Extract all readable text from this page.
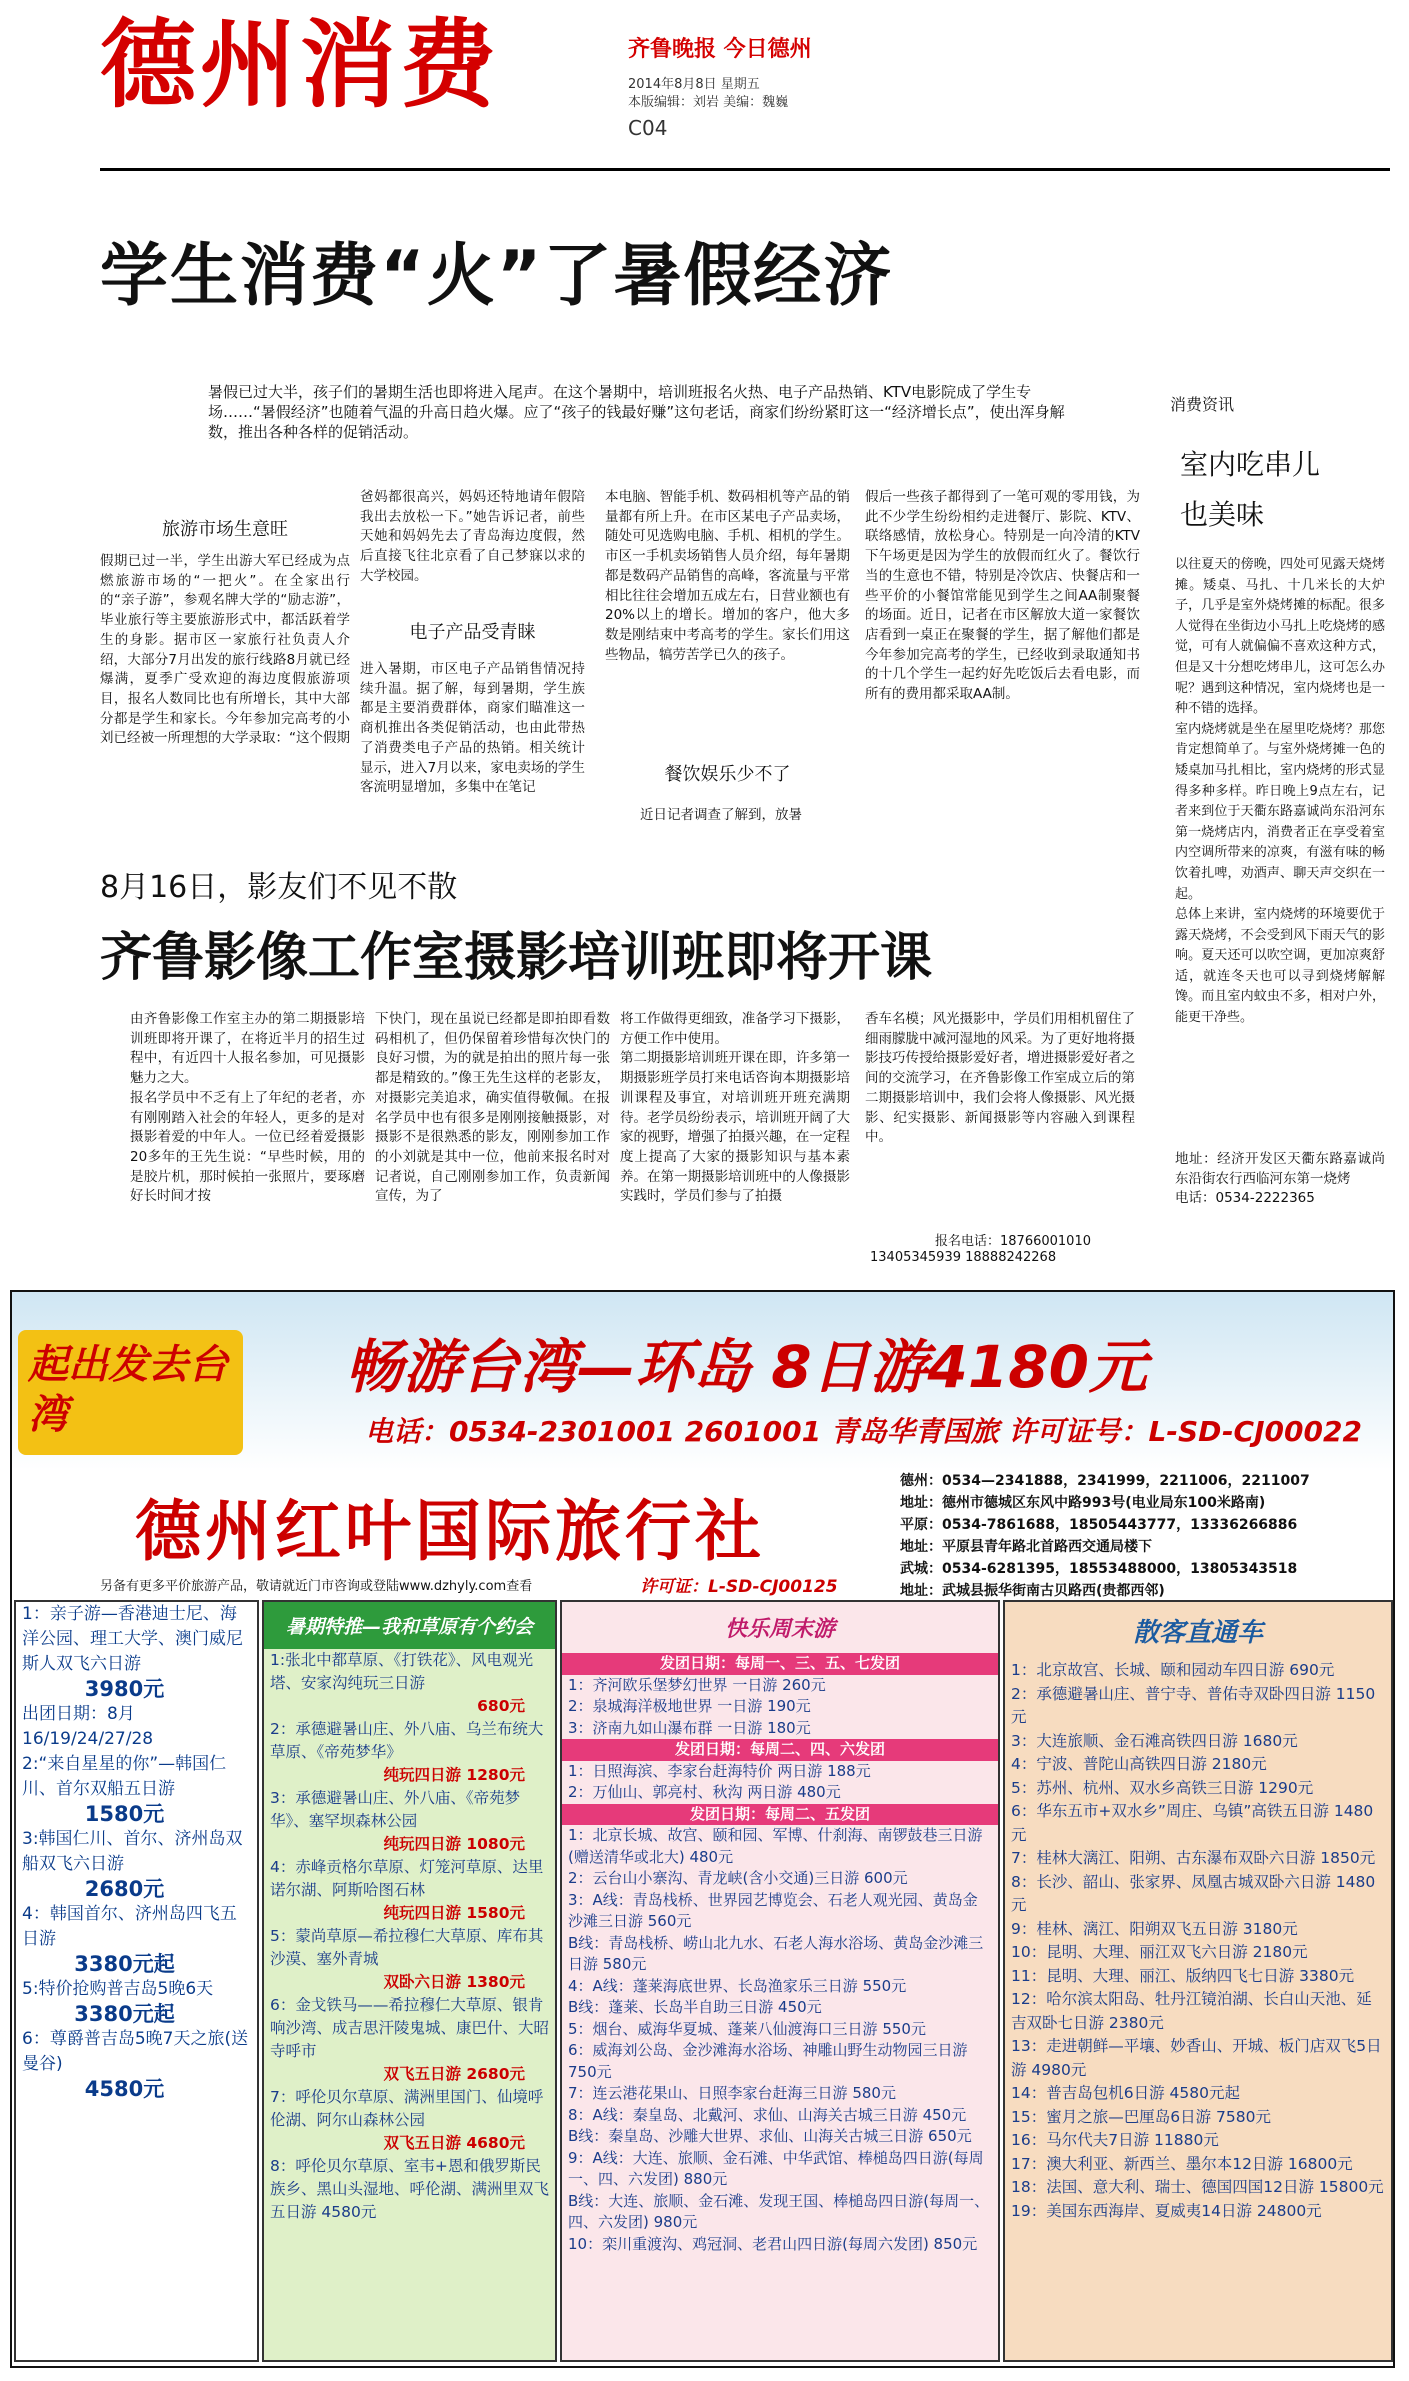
德州消费	齐鲁晚报 今日德州
2014年8月8日 星期五
本版编辑：刘岩 美编：魏巍
C04
学生消费“火”了暑假经济
暑假已过大半，孩子们的暑期生活也即将进入尾声。在这个暑期中，培训班报名火热、电子产品热销、KTV电影院成了学生专场……“暑假经济”也随着气温的升高日趋火爆。应了“孩子的钱最好赚”这句老话，商家们纷纷紧盯这一“经济增长点”，使出浑身解数，推出各种各样的促销活动。
旅游市场生意旺
假期已过一半，学生出游大军已经成为点燃旅游市场的“一把火”。在全家出行的“亲子游”，参观名牌大学的“励志游”，毕业旅行等主要旅游形式中，都活跃着学生的身影。据市区一家旅行社负责人介绍，大部分7月出发的旅行线路8月就已经爆满，夏季广受欢迎的海边度假旅游项目，报名人数同比也有所增长，其中大部分都是学生和家长。今年参加完高考的小刘已经被一所理想的大学录取：“这个假期
爸妈都很高兴，妈妈还特地请年假陪我出去放松一下。”她告诉记者，前些天她和妈妈先去了青岛海边度假，然后直接飞往北京看了自己梦寐以求的大学校园。
电子产品受青睐
进入暑期，市区电子产品销售情况持续升温。据了解，每到暑期，学生族都是主要消费群体，商家们瞄准这一商机推出各类促销活动，也由此带热了消费类电子产品的热销。相关统计显示，进入7月以来，家电卖场的学生客流明显增加，多集中在笔记
本电脑、智能手机、数码相机等产品的销量都有所上升。在市区某电子产品卖场，随处可见选购电脑、手机、相机的学生。市区一手机卖场销售人员介绍，每年暑期都是数码产品销售的高峰，客流量与平常相比往往会增加五成左右，日营业额也有20%以上的增长。增加的客户，他大多数是刚结束中考高考的学生。家长们用这些物品，犒劳苦学已久的孩子。
餐饮娱乐少不了
近日记者调查了解到，放暑
假后一些孩子都得到了一笔可观的零用钱，为此不少学生纷纷相约走进餐厅、影院、KTV、联络感情，放松身心。特别是一向冷清的KTV下午场更是因为学生的放假而红火了。餐饮行当的生意也不错，特别是冷饮店、快餐店和一些平价的小餐馆常能见到学生之间AA制聚餐的场面。近日，记者在市区解放大道一家餐饮店看到一桌正在聚餐的学生，据了解他们都是今年参加完高考的学生，已经收到录取通知书的十几个学生一起约好先吃饭后去看电影，而所有的费用都采取AA制。
消费资讯
室内吃串儿
也美味
以往夏天的傍晚，四处可见露天烧烤摊。矮桌、马扎、十几米长的大炉子，几乎是室外烧烤摊的标配。很多人觉得在坐街边小马扎上吃烧烤的感觉，可有人就偏偏不喜欢这种方式，但是又十分想吃烤串儿，这可怎么办呢？遇到这种情况，室内烧烤也是一种不错的选择。
室内烧烤就是坐在屋里吃烧烤？那您肯定想简单了。与室外烧烤摊一色的矮桌加马扎相比，室内烧烤的形式显得多种多样。昨日晚上9点左右，记者来到位于天衢东路嘉诚尚东沿河东第一烧烤店内，消费者正在享受着室内空调所带来的凉爽，有滋有味的畅饮着扎啤，劝酒声、聊天声交织在一起。
总体上来讲，室内烧烤的环境要优于露天烧烤，不会受到风下雨天气的影响。夏天还可以吹空调，更加凉爽舒适，就连冬天也可以寻到烧烤解解馋。而且室内蚊虫不多，相对户外，能更干净些。
地址：经济开发区天衢东路嘉诚尚东沿街农行西临河东第一烧烤
电话：0534-2222365
8月16日，影友们不见不散
齐鲁影像工作室摄影培训班即将开课
由齐鲁影像工作室主办的第二期摄影培训班即将开课了，在将近半月的招生过程中，有近四十人报名参加，可见摄影魅力之大。
报名学员中不乏有上了年纪的老者，亦有刚刚踏入社会的年轻人，更多的是对摄影着爱的中年人。一位已经着爱摄影20多年的王先生说：“早些时候，用的是胶片机，那时候拍一张照片，要琢磨好长时间才按
下快门，现在虽说已经都是即拍即看数码相机了，但仍保留着珍惜每次快门的良好习惯，为的就是拍出的照片每一张都是精致的。”像王先生这样的老影友，对摄影完美追求，确实值得敬佩。在报名学员中也有很多是刚刚接触摄影，对摄影不是很熟悉的影友，刚刚参加工作的小刘就是其中一位，他前来报名时对记者说，自己刚刚参加工作，负责新闻宣传，为了
将工作做得更细致，准备学习下摄影，方便工作中使用。
第二期摄影培训班开课在即，许多第一期摄影班学员打来电话咨询本期摄影培训课程及事宜，对培训班开班充满期待。老学员纷纷表示，培训班开阔了大家的视野，增强了拍摄兴趣，在一定程度上提高了大家的摄影知识与基本素养。在第一期摄影培训班中的人像摄影实践时，学员们参与了拍摄
香车名模；风光摄影中，学员们用相机留住了细雨朦胧中减河湿地的风采。为了更好地将摄影技巧传授给摄影爱好者，增进摄影爱好者之间的交流学习，在齐鲁影像工作室成立后的第二期摄影培训中，我们会将人像摄影、风光摄影、纪实摄影、新闻摄影等内容融入到课程中。
报名电话：18766001010
13405345939 18888242268
起出发去台湾
畅游台湾—环岛 8日游4180元
电话：0534-2301001 2601001 青岛华青国旅 许可证号：L-SD-CJ00022
德州红叶国际旅行社
德州：0534—2341888，2341999，2211006，2211007
地址：德州市德城区东风中路993号(电业局东100米路南)
平原：0534-7861688，18505443777，13336266886
地址：平原县青年路北首路西交通局楼下
武城：0534-6281395，18553488000，13805343518
地址：武城县振华街南古贝路西(贵都西邻)
另备有更多平价旅游产品，敬请就近门市咨询或登陆www.dzhyly.com查看	许可证：L-SD-CJ00125
1：亲子游—香港迪士尼、海洋公园、理工大学、澳门威尼斯人双飞六日游
3980元
出团日期：8月16/19/24/27/28
2:“来自星星的你”—韩国仁川、首尔双船五日游
1580元
3:韩国仁川、首尔、济州岛双船双飞六日游
2680元
4：韩国首尔、济州岛四飞五日游
3380元起
5:特价抢购普吉岛5晚6天
3380元起
6：尊爵普吉岛5晚7天之旅(送曼谷)
4580元
暑期特推—我和草原有个约会
1:张北中都草原、《打铁花》、风电观光塔、安家沟纯玩三日游
680元
2：承德避暑山庄、外八庙、乌兰布统大草原、《帝苑梦华》
纯玩四日游 1280元
3：承德避暑山庄、外八庙、《帝苑梦华》、塞罕坝森林公园
纯玩四日游 1080元
4：赤峰贡格尔草原、灯笼河草原、达里诺尔湖、阿斯哈图石林
纯玩四日游 1580元
5：蒙尚草原—希拉穆仁大草原、库布其沙漠、塞外青城
双卧六日游 1380元
6：金戈铁马——希拉穆仁大草原、银肯响沙湾、成吉思汗陵鬼城、康巴什、大昭寺呼市
双飞五日游 2680元
7：呼伦贝尔草原、满洲里国门、仙境呼伦湖、阿尔山森林公园
双飞五日游 4680元
8：呼伦贝尔草原、室韦+恩和俄罗斯民族乡、黑山头湿地、呼伦湖、满洲里双飞五日游 4580元
快乐周末游
发团日期：每周一、三、五、七发团
1：齐河欧乐堡梦幻世界 一日游 260元
2：泉城海洋极地世界 一日游 190元
3：济南九如山瀑布群 一日游 180元
发团日期：每周二、四、六发团
1：日照海滨、李家台赶海特价 两日游 188元
2：万仙山、郭亮村、秋沟 两日游 480元
发团日期：每周二、五发团
1：北京长城、故宫、颐和园、军博、什刹海、南锣鼓巷三日游(赠送清华或北大) 480元
2：云台山小寨沟、青龙峡(含小交通)三日游 600元
3：A线：青岛栈桥、世界园艺博览会、石老人观光园、黄岛金沙滩三日游 560元
B线：青岛栈桥、崂山北九水、石老人海水浴场、黄岛金沙滩三日游 580元
4：A线：蓬莱海底世界、长岛渔家乐三日游 550元
B线：蓬莱、长岛半自助三日游 450元
5：烟台、威海华夏城、蓬莱八仙渡海口三日游 550元
6：威海刘公岛、金沙滩海水浴场、神雕山野生动物园三日游 750元
7：连云港花果山、日照李家台赶海三日游 580元
8：A线：秦皇岛、北戴河、求仙、山海关古城三日游 450元
B线：秦皇岛、沙雕大世界、求仙、山海关古城三日游 650元
9：A线：大连、旅顺、金石滩、中华武馆、棒槌岛四日游(每周一、四、六发团) 880元
B线：大连、旅顺、金石滩、发现王国、棒槌岛四日游(每周一、四、六发团) 980元
10：栾川重渡沟、鸡冠洞、老君山四日游(每周六发团) 850元
散客直通车
1：北京故宫、长城、颐和园动车四日游 690元
2：承德避暑山庄、普宁寺、普佑寺双卧四日游 1150元
3：大连旅顺、金石滩高铁四日游 1680元
4：宁波、普陀山高铁四日游 2180元
5：苏州、杭州、双水乡高铁三日游 1290元
6：华东五市+双水乡”周庄、乌镇”高铁五日游 1480元
7：桂林大漓江、阳朔、古东瀑布双卧六日游 1850元
8：长沙、韶山、张家界、凤凰古城双卧六日游 1480元
9：桂林、漓江、阳朔双飞五日游 3180元
10：昆明、大理、丽江双飞六日游 2180元
11：昆明、大理、丽江、版纳四飞七日游 3380元
12：哈尔滨太阳岛、牡丹江镜泊湖、长白山天池、延吉双卧七日游 2380元
13：走进朝鲜—平壤、妙香山、开城、板门店双飞5日游 4980元
14：普吉岛包机6日游 4580元起
15：蜜月之旅—巴厘岛6日游 7580元
16：马尔代夫7日游 11880元
17：澳大利亚、新西兰、墨尔本12日游 16800元
18：法国、意大利、瑞士、德国四国12日游 15800元
19：美国东西海岸、夏威夷14日游 24800元
